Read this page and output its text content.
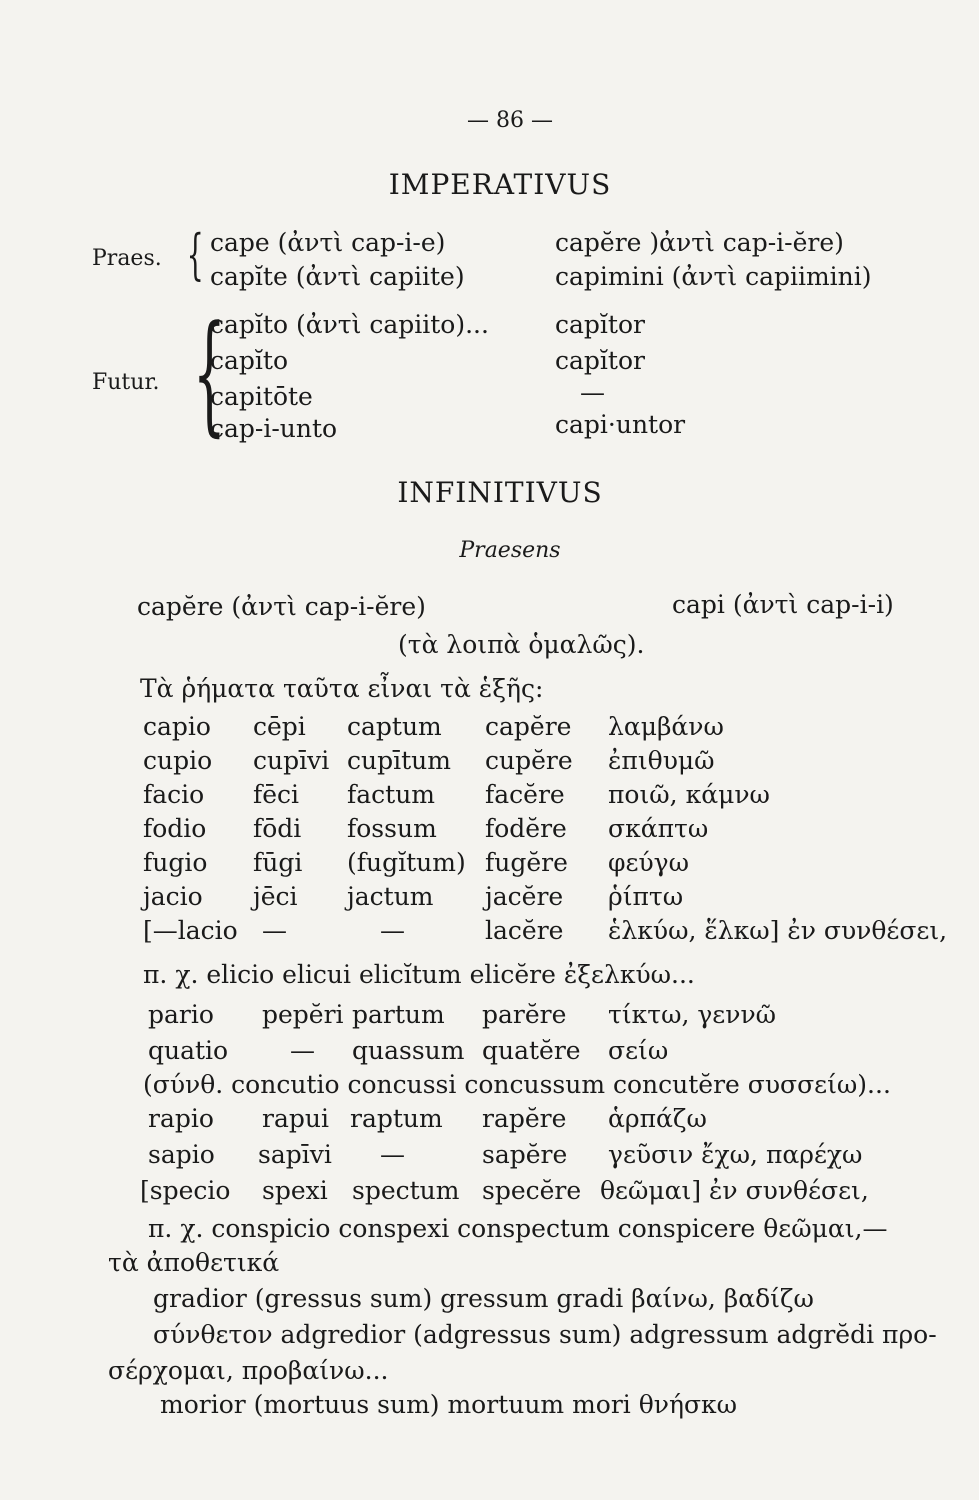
— 86 —
IMPERATIVUS
Praes. { cape (ἀντὶ cap-i-e)	capĕre )ἀντὶ cap-i-ĕre)
capĭte (ἀντὶ capiite)	capimini (ἀντὶ capiimini)
Futur. {
capĭto (ἀντὶ capiito)...	capĭtor
capĭto	capĭtor
capitōte	—
cap-i-unto	capi·untor
INFINITIVUS
Praesens
capĕre (ἀντὶ cap-i-ĕre)	capi (ἀντὶ cap-i-i)
(τὰ λοιπὰ ὁμαλῶς).
Τὰ ῥήματα ταῦτα εἶναι τὰ ἑξῆς:
capio cēpi captum capĕre λαμβάνω
cupio cupīvi cupītum cupĕre ἐπιθυμῶ
facio fēci factum facĕre ποιῶ, κάμνω
fodio fōdi fossum fodĕre σκάπτω
fugio fūgi (fugĭtum) fugĕre φεύγω
jacio jēci jactum jacĕre ῥίπτω
[—lacio —	—	lacĕre ἑλκύω, ἕλκω] ἐν συνθέσει,
π. χ. elicio elicui elicĭtum elicĕre ἐξελκύω...
pario pepĕri partum parĕre τίκτω, γεννῶ
quatio — quassum quatĕre σείω
(σύνθ. concutio concussi concussum concutĕre συσσείω)...
rapio rapui raptum rapĕre ἁρπάζω
sapio sapīvi —	sapĕre γεῦσιν ἔχω, παρέχω
[specio spexi spectum specĕre θεῶμαι] ἐν συνθέσει,
π. χ. conspicio conspexi conspectum conspicere θεῶμαι,—
τὰ ἀποθετικά
gradior (gressus sum) gressum gradi βαίνω, βαδίζω
σύνθετον adgredior (adgressus sum) adgressum adgrĕdi προ-
σέρχομαι, προβαίνω...
morior (mortuus sum) mortuum mori θνήσκω
